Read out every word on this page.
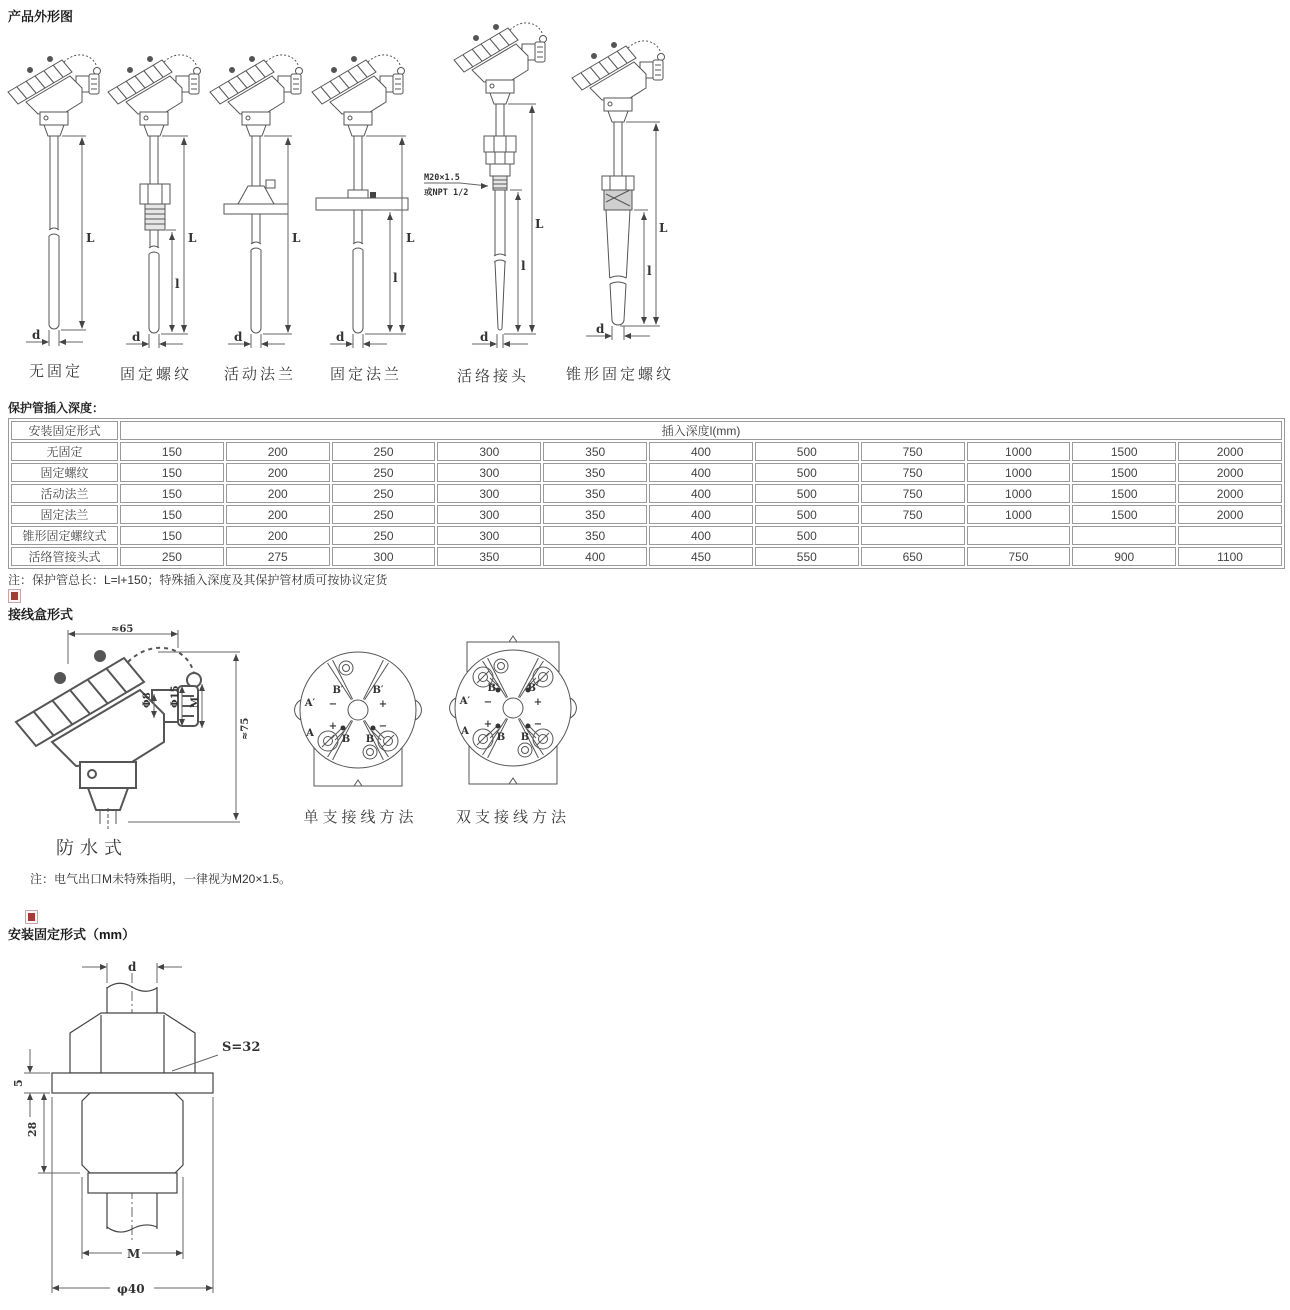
产品外形图
L
d
无固定
L
l
d
固定螺纹
L
d
活动法兰
L
l
d
固定法兰
M20×1.5
或NPT 1/2
L
l
d
活络接头
L
l
d
锥形固定螺纹
保护管插入深度：
安装固定形式	插入深度l(mm)										
无固定	150	200	250	300	350	400	500	750	1000	1500	2000
固定螺纹	150	200	250	300	350	400	500	750	1000	1500	2000
活动法兰	150	200	250	300	350	400	500	750	1000	1500	2000
固定法兰	150	200	250	300	350	400	500	750	1000	1500	2000
锥形固定螺纹式	150	200	250	300	350	400	500				
活络管接头式	250	275	300	350	400	450	550	650	750	900	1100
注：保护管总长：L=l+150；特殊插入深度及其保护管材质可按协议定货

接线盒形式
≈65
Φ8 Φ15 M
≈75
防水式
B′	B′
A′ −
+
+
−
A
B B
单支接线方法
B′	B′
A′ −
+
+
−
A
B B
双支接线方法
注：电气出口M未特殊指明，一律视为M20×1.5。
安装固定形式（mm）
d
S=32
5
28
M
φ40
